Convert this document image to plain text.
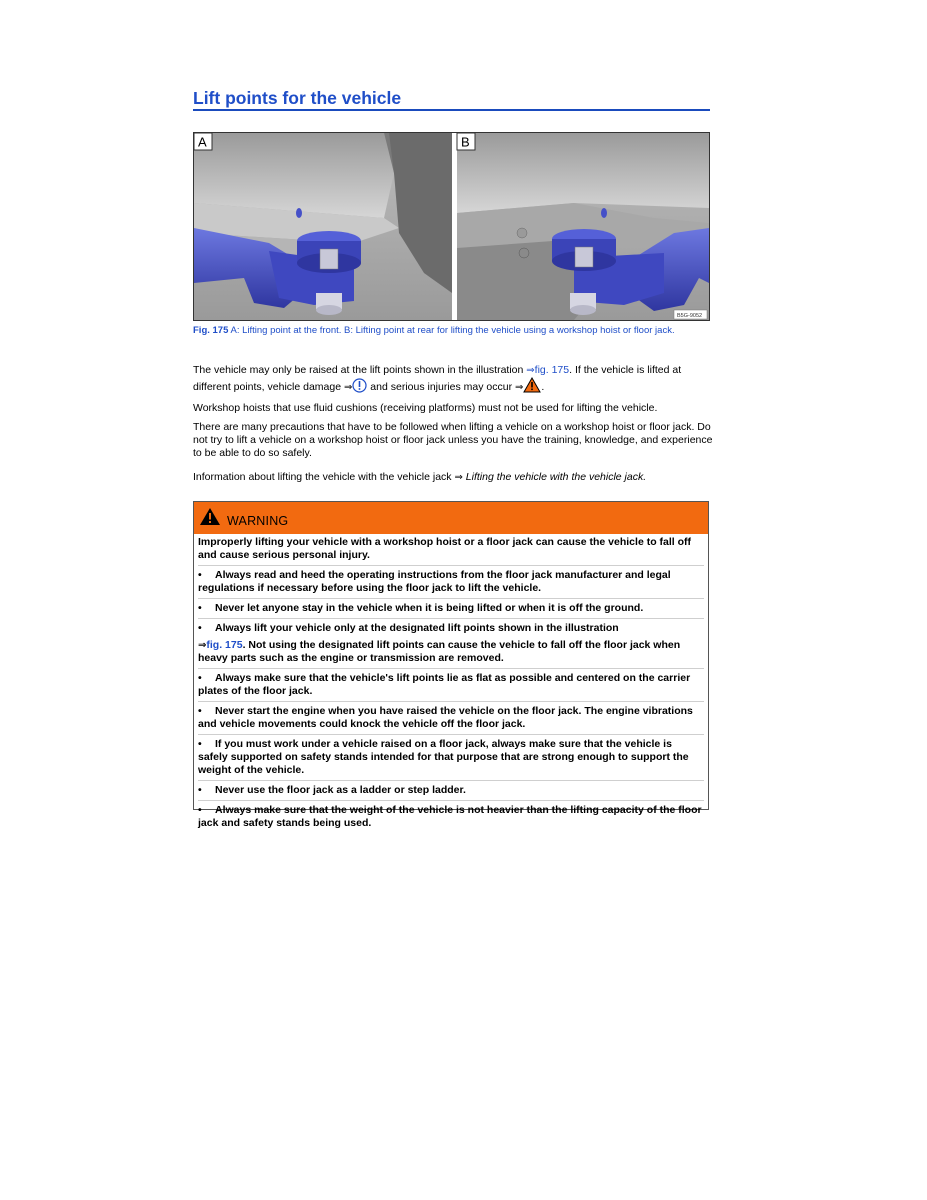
Lift points for the vehicle
A	B
B5G-9052
Fig. 175 A: Lifting point at the front. B: Lifting point at rear for lifting the vehicle using a workshop hoist or floor jack.
The vehicle may only be raised at the lift points shown in the illustration ⇒fig. 175. If the vehicle is lifted at different points, vehicle damage ⇒ and serious injuries may occur ⇒ .
Workshop hoists that use fluid cushions (receiving platforms) must not be used for lifting the vehicle.
There are many precautions that have to be followed when lifting a vehicle on a workshop hoist or floor jack. Do not try to lift a vehicle on a workshop hoist or floor jack unless you have the training, knowledge, and experience to be able to do so safely.
Information about lifting the vehicle with the vehicle jack ⇒ Lifting the vehicle with the vehicle jack.
WARNING

Improperly lifting your vehicle with a workshop hoist or a floor jack can cause the vehicle to fall off and cause serious personal injury.

• Always read and heed the operating instructions from the floor jack manufacturer and legal regulations if necessary before using the floor jack to lift the vehicle.

• Never let anyone stay in the vehicle when it is being lifted or when it is off the ground.

• Always lift your vehicle only at the designated lift points shown in the illustration

⇒fig. 175. Not using the designated lift points can cause the vehicle to fall off the floor jack when heavy parts such as the engine or transmission are removed.

• Always make sure that the vehicle's lift points lie as flat as possible and centered on the carrier plates of the floor jack.

• Never start the engine when you have raised the vehicle on the floor jack. The engine vibrations and vehicle movements could knock the vehicle off the floor jack.

• If you must work under a vehicle raised on a floor jack, always make sure that the vehicle is safely supported on safety stands intended for that purpose that are strong enough to support the weight of the vehicle.

• Never use the floor jack as a ladder or step ladder.

• Always make sure that the weight of the vehicle is not heavier than the lifting capacity of the floor jack and safety stands being used.
